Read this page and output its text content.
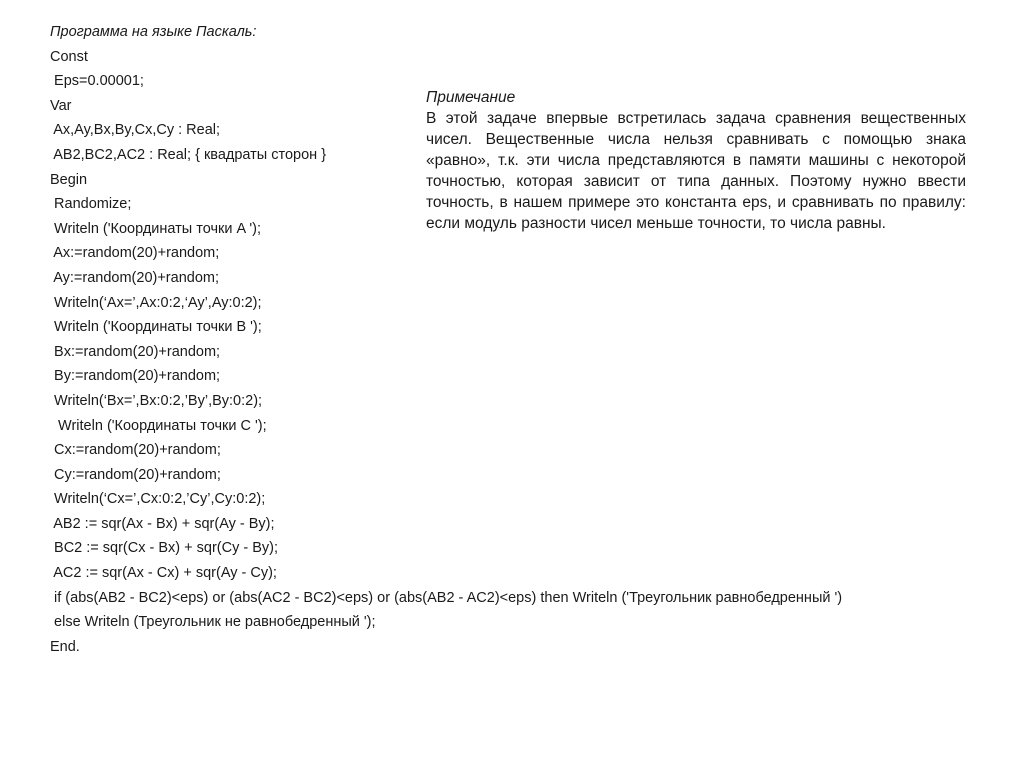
Программа на языке Паскаль:
Const
Eps=0.00001;
Var
Ax,Ay,Bx,By,Cx,Cy : Real;
AB2,BC2,AC2 : Real; { квадраты сторон }
Begin
Randomize;
Writeln ('Координаты точки A ');
Ax:=random(20)+random;
Ay:=random(20)+random;
Writeln(‘Ax=’,Ax:0:2,‘Ay’,Ay:0:2);
Writeln ('Координаты точки B ');
Bx:=random(20)+random;
By:=random(20)+random;
Writeln(‘Bx=’,Bx:0:2,’By’,By:0:2);
Writeln ('Координаты точки C ');
Cx:=random(20)+random;
Cy:=random(20)+random;
Writeln(‘Cx=’,Cx:0:2,’Cy’,Cy:0:2);
AB2 := sqr(Ax - Bx) + sqr(Ay - By);
BC2 := sqr(Cx - Bx) + sqr(Cy - By);
AC2 := sqr(Ax - Cx) + sqr(Ay - Cy);
if (abs(AB2 - BC2)<eps) or (abs(AC2 - BC2)<eps) or (abs(AB2 - AC2)<eps) then Writeln ('Треугольник равнобедренный ')
else Writeln (Треугольник не равнобедренный ');
End.
Примечание
В этой задаче впервые встретилась задача сравнения вещественных чисел. Вещественные числа нельзя сравнивать с помощью знака «равно», т.к. эти числа представляются в памяти машины с некоторой точностью, которая зависит от типа данных. Поэтому нужно ввести точность, в нашем примере это константа eps, и сравнивать по правилу: если модуль разности чисел меньше точности, то числа равны.
